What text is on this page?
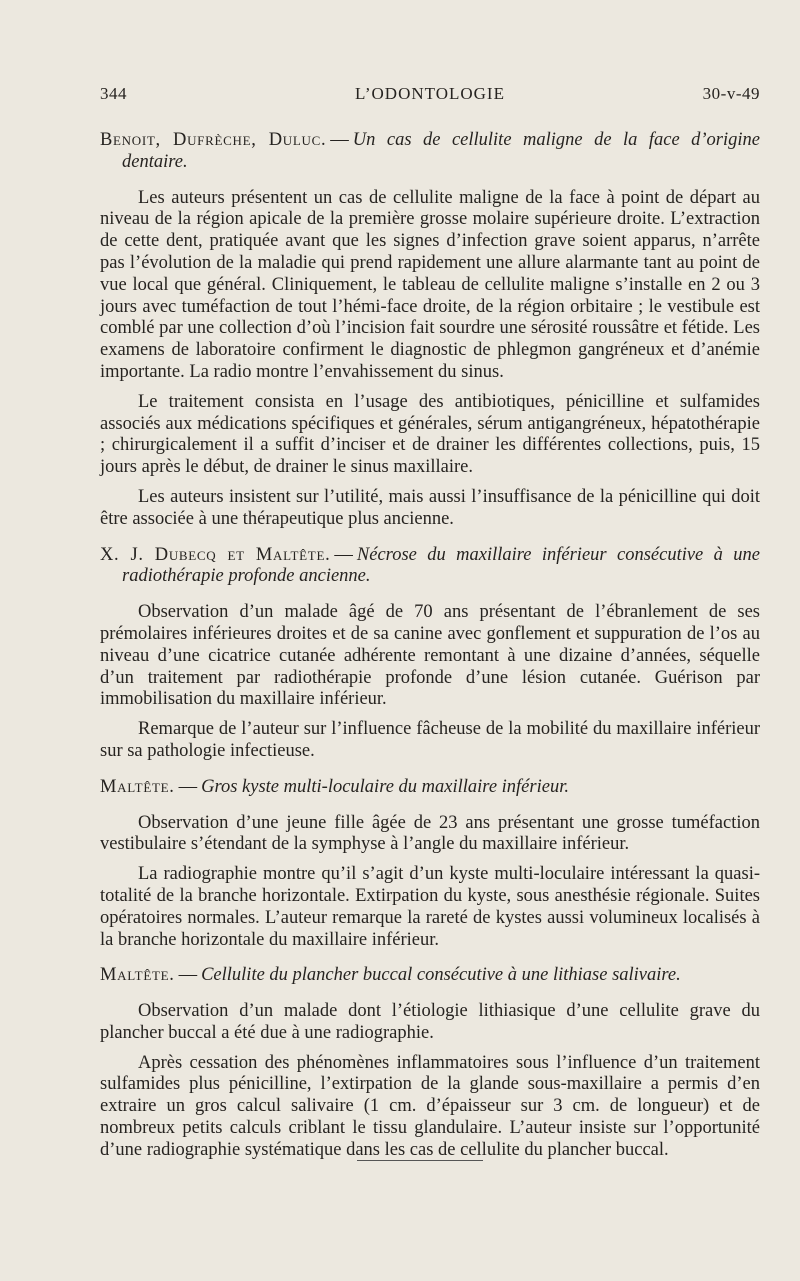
344	L’ODONTOLOGIE	30-v-49

Benoit, Dufrèche, Duluc. — Un cas de cellulite maligne de la face d’origine dentaire.

Les auteurs présentent un cas de cellulite maligne de la face à point de départ au niveau de la région apicale de la première grosse molaire supérieure droite. L’extraction de cette dent, pratiquée avant que les signes d’infection grave soient apparus, n’arrête pas l’évolution de la maladie qui prend rapidement une allure alarmante tant au point de vue local que général. Cliniquement, le tableau de cellulite maligne s’installe en 2 ou 3 jours avec tuméfaction de tout l’hémi-face droite, de la région orbitaire ; le vestibule est comblé par une collection d’où l’incision fait sourdre une sérosité roussâtre et fétide. Les examens de laboratoire confirment le diagnostic de phlegmon gangréneux et d’anémie importante. La radio montre l’envahissement du sinus.

Le traitement consista en l’usage des antibiotiques, pénicilline et sulfamides associés aux médications spécifiques et générales, sérum antigangréneux, hépatothérapie ; chirurgicalement il a suffit d’inciser et de drainer les différentes collections, puis, 15 jours après le début, de drainer le sinus maxillaire.

Les auteurs insistent sur l’utilité, mais aussi l’insuffisance de la pénicilline qui doit être associée à une thérapeutique plus ancienne.

X. J. Dubecq et Maltête. — Nécrose du maxillaire inférieur consécutive à une radiothérapie profonde ancienne.

Observation d’un malade âgé de 70 ans présentant de l’ébranlement de ses prémolaires inférieures droites et de sa canine avec gonflement et suppuration de l’os au niveau d’une cicatrice cutanée adhérente remontant à une dizaine d’années, séquelle d’un traitement par radiothérapie profonde d’une lésion cutanée. Guérison par immobilisation du maxillaire inférieur.

Remarque de l’auteur sur l’influence fâcheuse de la mobilité du maxillaire inférieur sur sa pathologie infectieuse.

Maltête. — Gros kyste multi-loculaire du maxillaire inférieur.

Observation d’une jeune fille âgée de 23 ans présentant une grosse tuméfaction vestibulaire s’étendant de la symphyse à l’angle du maxillaire inférieur.

La radiographie montre qu’il s’agit d’un kyste multi-loculaire intéressant la quasi-totalité de la branche horizontale. Extirpation du kyste, sous anesthésie régionale. Suites opératoires normales. L’auteur remarque la rareté de kystes aussi volumineux localisés à la branche horizontale du maxillaire inférieur.

Maltête. — Cellulite du plancher buccal consécutive à une lithiase salivaire.

Observation d’un malade dont l’étiologie lithiasique d’une cellulite grave du plancher buccal a été due à une radiographie.

Après cessation des phénomènes inflammatoires sous l’influence d’un traitement sulfamides plus pénicilline, l’extirpation de la glande sous-maxillaire a permis d’en extraire un gros calcul salivaire (1 cm. d’épaisseur sur 3 cm. de longueur) et de nombreux petits calculs criblant le tissu glandulaire. L’auteur insiste sur l’opportunité d’une radiographie systématique dans les cas de cellulite du plancher buccal.
